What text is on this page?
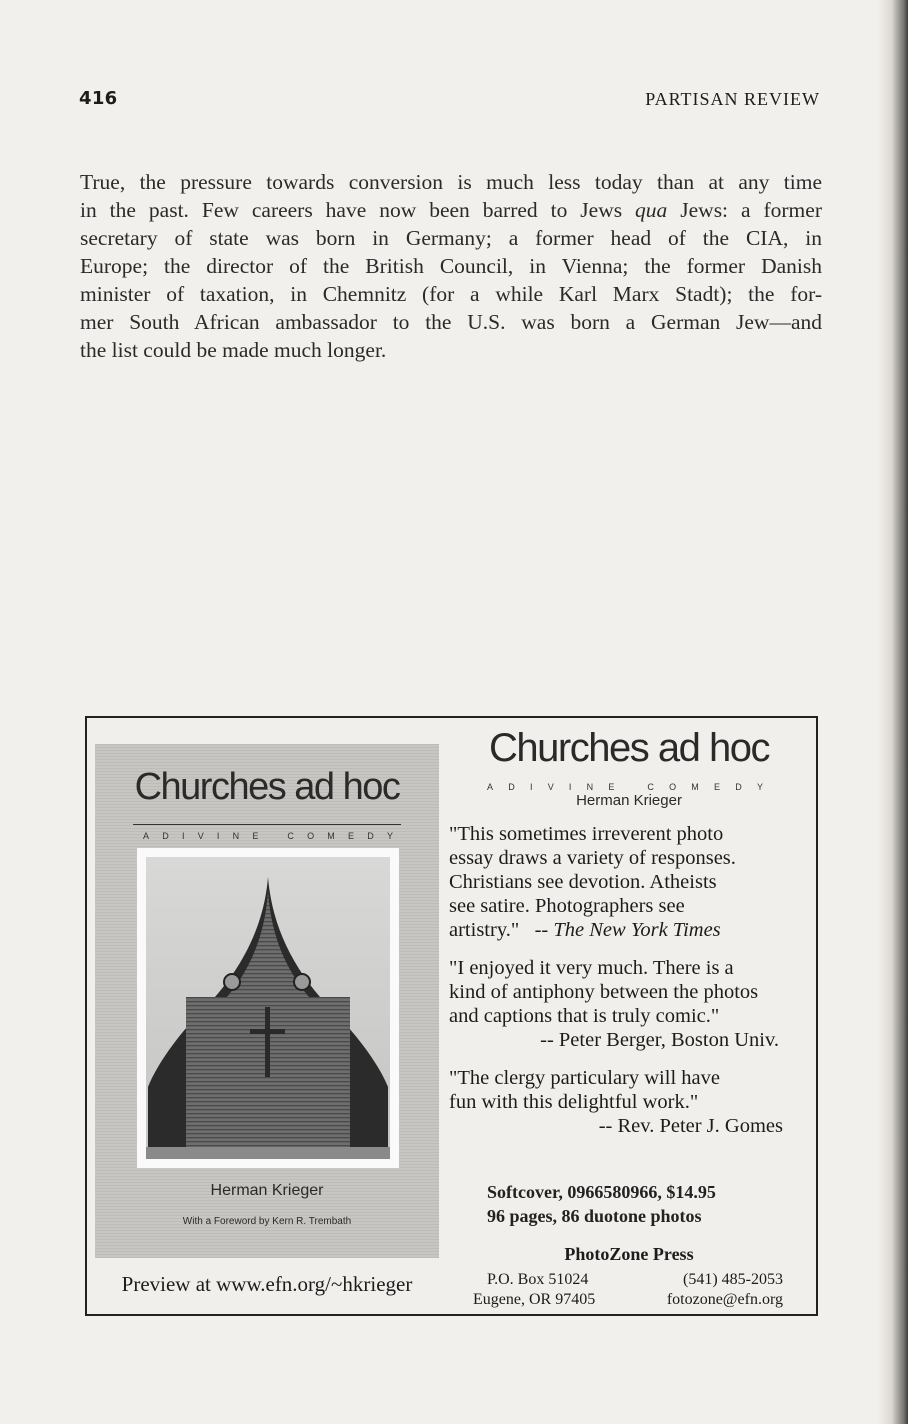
416	PARTISAN REVIEW
True, the pressure towards conversion is much less today than at any time
in the past. Few careers have now been barred to Jews qua Jews: a former
secretary of state was born in Germany; a former head of the CIA, in
Europe; the director of the British Council, in Vienna; the former Danish
minister of taxation, in Chemnitz (for a while Karl Marx Stadt); the for-
mer South African ambassador to the U.S. was born a German Jew—and
the list could be made much longer.
Churches ad hoc
A D I V I N E
	C O M E D Y
Herman Krieger
With a Foreword by Kern R. Trembath
Preview at www.efn.org/~hkrieger
Churches ad hoc
A D I V I N E
	C O M E D Y
Herman Krieger
"This sometimes irreverent photo
essay draws a variety of responses.
Christians see devotion. Atheists
see satire. Photographers see
artistry." -- The New York Times
"I enjoyed it very much. There is a
kind of antiphony between the photos
and captions that is truly comic."
-- Peter Berger, Boston Univ.
"The clergy particulary will have
fun with this delightful work."
-- Rev. Peter J. Gomes
Softcover, 0966580966, $14.95
96 pages, 86 duotone photos
PhotoZone Press
P.O. Box 51024	(541) 485-2053
Eugene, OR 97405	fotozone@efn.org
